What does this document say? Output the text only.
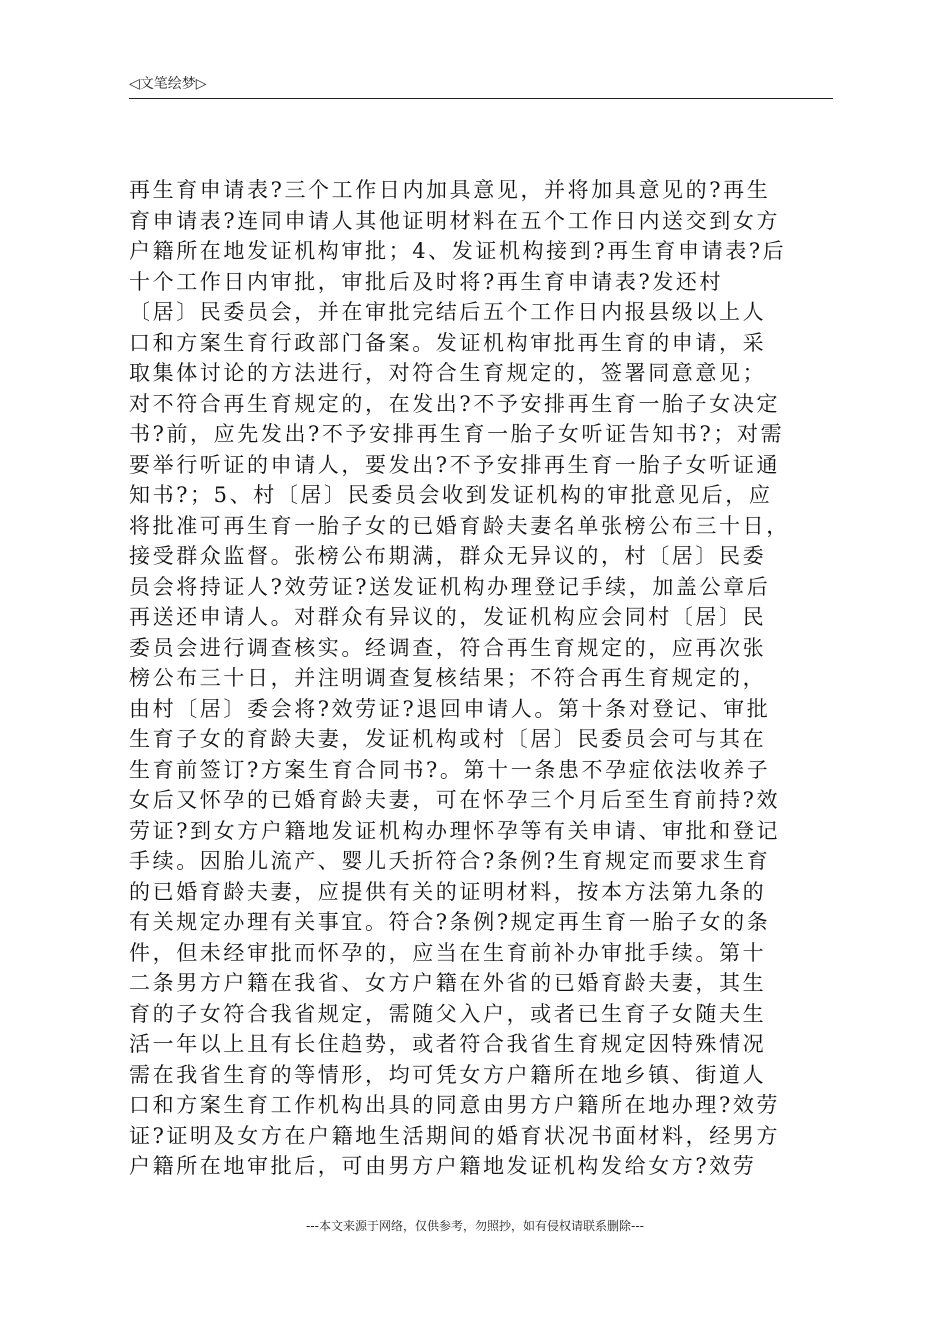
◁文笔绘梦▷
再生育申请表?三个工作日内加具意见，并将加具意见的?再生
育申请表?连同申请人其他证明材料在五个工作日内送交到女方
户籍所在地发证机构审批；4、发证机构接到?再生育申请表?后
十个工作日内审批，审批后及时将?再生育申请表?发还村
〔居〕民委员会，并在审批完结后五个工作日内报县级以上人
口和方案生育行政部门备案。发证机构审批再生育的申请，采
取集体讨论的方法进行，对符合生育规定的，签署同意意见；
对不符合再生育规定的，在发出?不予安排再生育一胎子女决定
书?前，应先发出?不予安排再生育一胎子女听证告知书?；对需
要举行听证的申请人，要发出?不予安排再生育一胎子女听证通
知书?；5、村〔居〕民委员会收到发证机构的审批意见后，应
将批准可再生育一胎子女的已婚育龄夫妻名单张榜公布三十日，
接受群众监督。张榜公布期满，群众无异议的，村〔居〕民委
员会将持证人?效劳证?送发证机构办理登记手续，加盖公章后
再送还申请人。对群众有异议的，发证机构应会同村〔居〕民
委员会进行调查核实。经调查，符合再生育规定的，应再次张
榜公布三十日，并注明调查复核结果；不符合再生育规定的，
由村〔居〕委会将?效劳证?退回申请人。第十条对登记、审批
生育子女的育龄夫妻，发证机构或村〔居〕民委员会可与其在
生育前签订?方案生育合同书?。第十一条患不孕症依法收养子
女后又怀孕的已婚育龄夫妻，可在怀孕三个月后至生育前持?效
劳证?到女方户籍地发证机构办理怀孕等有关申请、审批和登记
手续。因胎儿流产、婴儿夭折符合?条例?生育规定而要求生育
的已婚育龄夫妻，应提供有关的证明材料，按本方法第九条的
有关规定办理有关事宜。符合?条例?规定再生育一胎子女的条
件，但未经审批而怀孕的，应当在生育前补办审批手续。第十
二条男方户籍在我省、女方户籍在外省的已婚育龄夫妻，其生
育的子女符合我省规定，需随父入户，或者已生育子女随夫生
活一年以上且有长住趋势，或者符合我省生育规定因特殊情况
需在我省生育的等情形，均可凭女方户籍所在地乡镇、街道人
口和方案生育工作机构出具的同意由男方户籍所在地办理?效劳
证?证明及女方在户籍地生活期间的婚育状况书面材料，经男方
户籍所在地审批后，可由男方户籍地发证机构发给女方?效劳
---本文来源于网络，仅供参考，勿照抄，如有侵权请联系删除---
